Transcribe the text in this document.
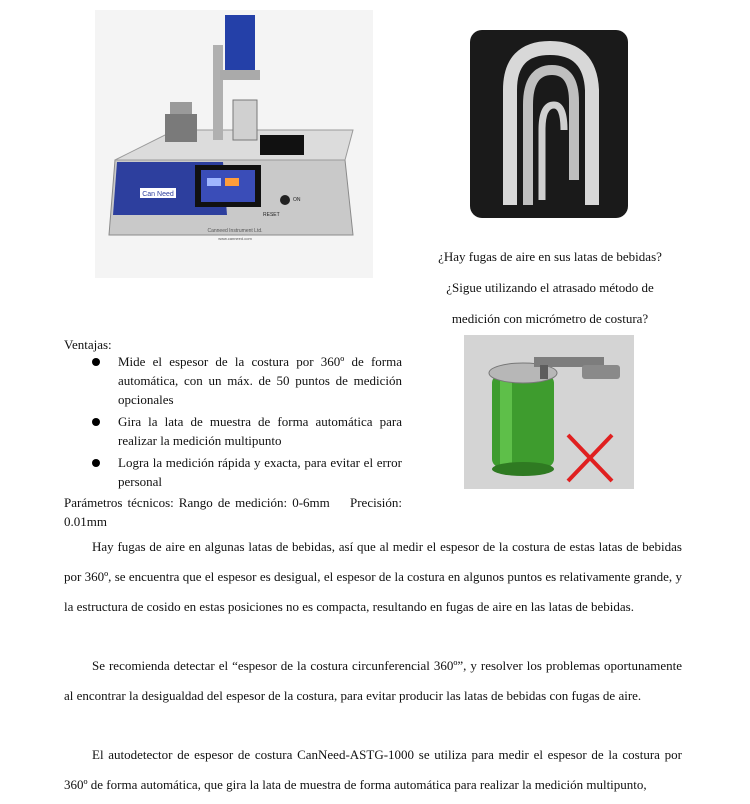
Can Need
RESET
ON
Canneed Instrument Ltd.
www.canneed.com
¿Hay fugas de aire en sus latas de bebidas?
¿Sigue utilizando el atrasado método de
medición con micrómetro de costura?
Ventajas:
Mide el espesor de la costura por 360º de forma automática, con un máx. de 50 puntos de medición opcionales
Gira la lata de muestra de forma automática para realizar la medición multipunto
Logra la medición rápida y exacta, para evitar el error personal
Parámetros técnicos: Rango de medición: 0-6mm    Precisión: 0.01mm
Hay fugas de aire en algunas latas de bebidas, así que al medir el espesor de la costura de estas latas de bebidas por 360º, se encuentra que el espesor es desigual, el espesor de la costura en algunos puntos es relativamente grande, y la estructura de cosido en estas posiciones no es compacta, resultando en fugas de aire en las latas de bebidas.
Se recomienda detectar el “espesor de la costura circunferencial 360º”, y resolver los problemas oportunamente al encontrar la desigualdad del espesor de la costura, para evitar producir las latas de bebidas con fugas de aire.
El autodetector de espesor de costura CanNeed-ASTG-1000 se utiliza para medir el espesor de la costura por 360º de forma automática, que gira la lata de muestra de forma automática para realizar la medición multipunto,
